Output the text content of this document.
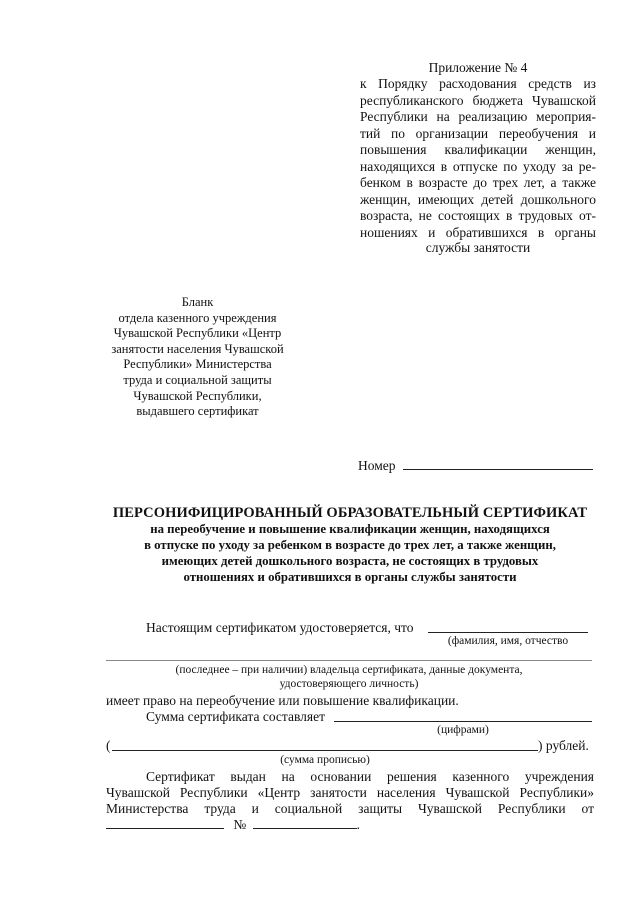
Приложение № 4
к Порядку расходования средств из
республиканского бюджета Чувашской
Республики на реализацию мероприя-
тий по организации переобучения и
повышения квалификации женщин,
находящихся в отпуске по уходу за ре-
бенком в возрасте до трех лет, а также
женщин, имеющих детей дошкольного
возраста, не состоящих в трудовых от-
ношениях и обратившихся в органы
службы занятости
Бланк
отдела казенного учреждения
Чувашской Республики «Центр
занятости населения Чувашской
Республики» Министерства
труда и социальной защиты
Чувашской Республики,
выдавшего сертификат
Номер
ПЕРСОНИФИЦИРОВАННЫЙ ОБРАЗОВАТЕЛЬНЫЙ СЕРТИФИКАТ
на переобучение и повышение квалификации женщин, находящихся
в отпуске по уходу за ребенком в возрасте до трех лет, а также женщин,
имеющих детей дошкольного возраста, не состоящих в трудовых
отношениях и обратившихся в органы службы занятости
Настоящим сертификатом удостоверяется, что
(фамилия, имя, отчество
(последнее – при наличии) владельца сертификата, данные документа,
удостоверяющего личность)
имеет право на переобучение или повышение квалификации.
Сумма сертификата составляет
(цифрами)
(	) рублей.
(сумма прописью)
Сертификат выдан на основании решения казенного учреждения
Чувашской Республики «Центр занятости населения Чувашской Республики»
Министерства труда и социальной защиты Чувашской Республики от
№	.
